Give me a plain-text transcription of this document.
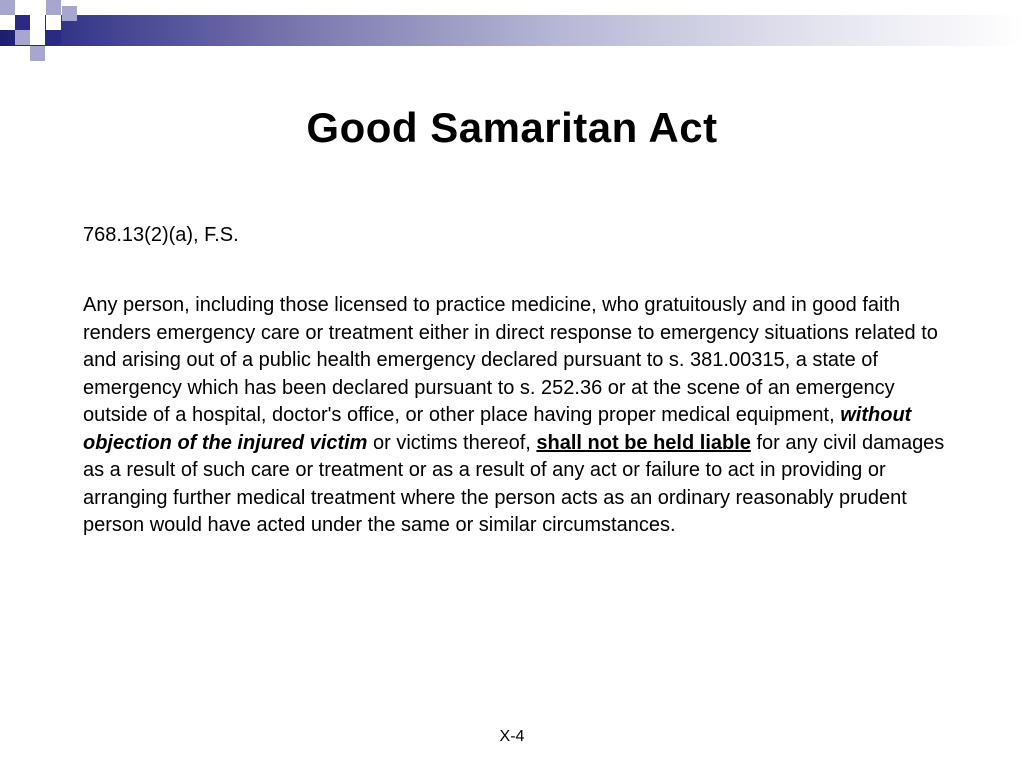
Good Samaritan Act
768.13(2)(a), F.S.
Any person, including those licensed to practice medicine, who gratuitously and in good faith renders emergency care or treatment either in direct response to emergency situations related to and arising out of a public health emergency declared pursuant to s. 381.00315, a state of emergency which has been declared pursuant to s. 252.36 or at the scene of an emergency outside of a hospital, doctor's office, or other place having proper medical equipment, without objection of the injured victim or victims thereof, shall not be held liable for any civil damages as a result of such care or treatment or as a result of any act or failure to act in providing or arranging further medical treatment where the person acts as an ordinary reasonably prudent person would have acted under the same or similar circumstances.
X-4
